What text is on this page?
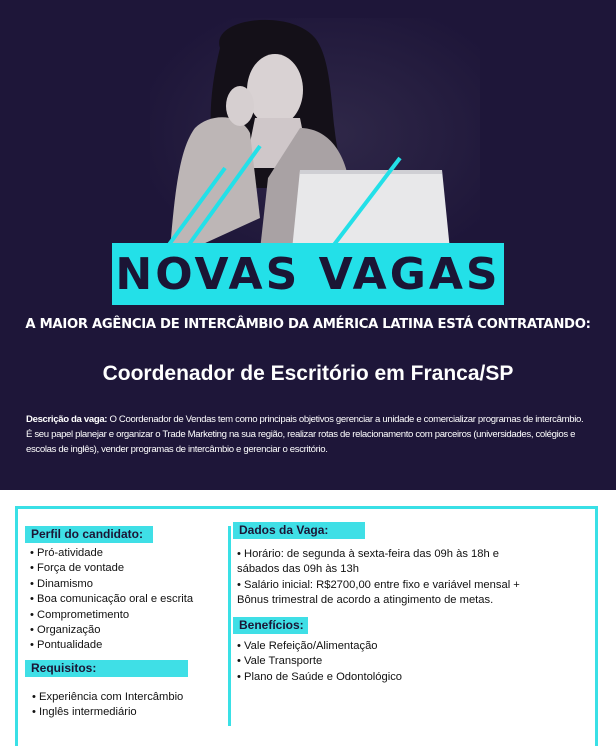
NOVAS VAGAS
A MAIOR AGÊNCIA DE INTERCÂMBIO DA AMÉRICA LATINA ESTÁ CONTRATANDO:
Coordenador de Escritório em Franca/SP
Descrição da vaga: O Coordenador de Vendas tem como principais objetivos gerenciar a unidade e comercializar programas de intercâmbio. É seu papel planejar e organizar o Trade Marketing na sua região, realizar rotas de relacionamento com parceiros (universidades, colégios e escolas de inglês), vender programas de intercâmbio e gerenciar o escritório.
Perfil do candidato:
• Pró-atividade
• Força de vontade
• Dinamismo
• Boa comunicação oral e escrita
• Comprometimento
• Organização
• Pontualidade
Requisitos:
• Experiência com Intercâmbio
• Inglês intermediário
Dados da Vaga:
• Horário: de segunda à sexta-feira das 09h às 18h e sábados das 09h às 13h
• Salário inicial: R$2700,00 entre fixo e variável mensal + Bônus trimestral de acordo a atingimento de metas.
Benefícios:
• Vale Refeição/Alimentação
• Vale Transporte
• Plano de Saúde e Odontológico
